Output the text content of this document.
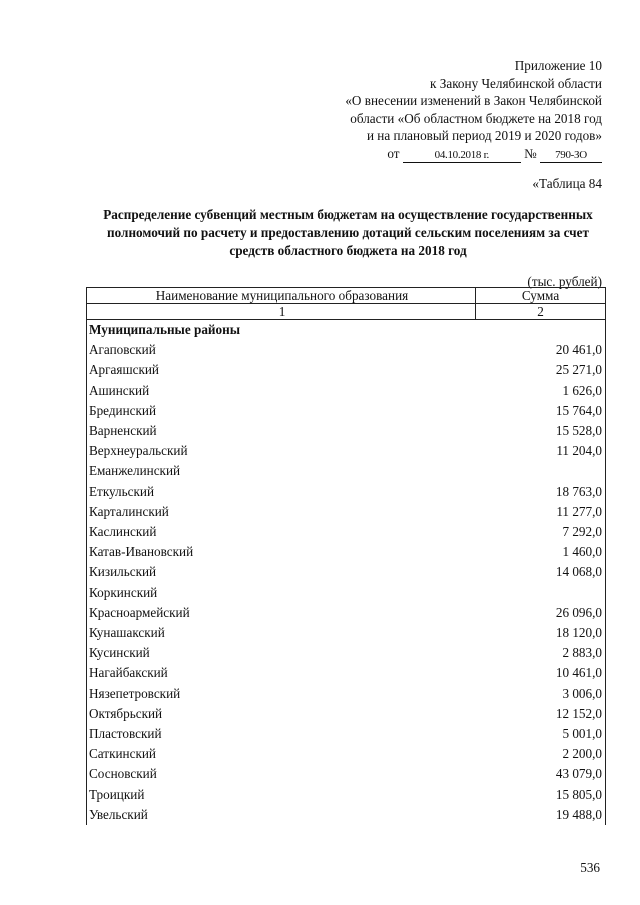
Приложение 10
к Закону Челябинской области
«О внесении изменений в Закон Челябинской
области «Об областном бюджете на 2018 год
и на плановый период 2019 и 2020 годов»
от	04.10.2018 г.	№ 790-ЗО
«Таблица 84
Распределение субвенций местным бюджетам на осуществление государственных полномочий по расчету и предоставлению дотаций сельским поселениям за счет средств областного бюджета на 2018 год
(тыс. рублей)
Наименование муниципального образования	Сумма
1	2
Муниципальные районы	
Агаповский	20 461,0
Аргаяшский	25 271,0
Ашинский	1 626,0
Брединский	15 764,0
Варненский	15 528,0
Верхнеуральский	11 204,0
Еманжелинский	
Еткульский	18 763,0
Карталинский	11 277,0
Каслинский	7 292,0
Катав-Ивановский	1 460,0
Кизильский	14 068,0
Коркинский	
Красноармейский	26 096,0
Кунашакский	18 120,0
Кусинский	2 883,0
Нагайбакский	10 461,0
Нязепетровский	3 006,0
Октябрьский	12 152,0
Пластовский	5 001,0
Саткинский	2 200,0
Сосновский	43 079,0
Троицкий	15 805,0
Увельский	19 488,0
536
